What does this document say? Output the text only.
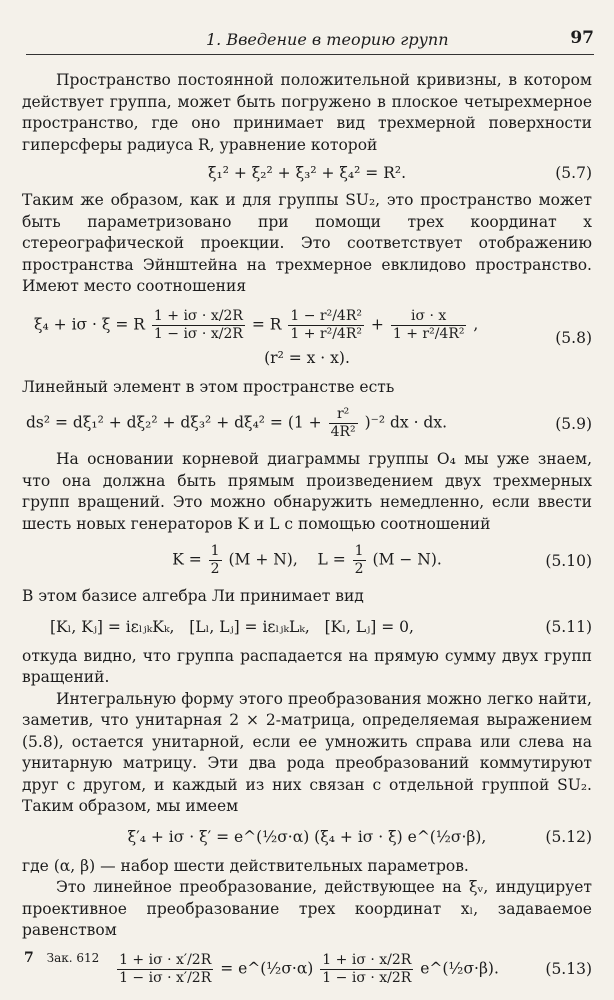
1. Введение в теорию групп	97

Пространство постоянной положительной кривизны, в котором действует группа, может быть погружено в плоское четырехмерное пространство, где оно принимает вид трехмерной поверхности гиперсферы радиуса R, уравнение которой

ξ₁² + ξ₂² + ξ₃² + ξ₄² = R².	(5.7)

Таким же образом, как и для группы SU₂, это пространство может быть параметризовано при помощи трех координат x стереографической проекции. Это соответствует отображению пространства Эйнштейна на трехмерное евклидово пространство. Имеют место соотношения

ξ₄ + iσ · ξ = R $\frac{1 + i\sigma \cdot x/2R}{1 - i\sigma \cdot x/2R} = R \frac{\text{1 − r²/4R²}}{\text{1 + r²/4R²}} + \frac{i\sigma \cdot x}{\text{1 + r²/4R²}}$ ,
(r² = x · x).
(5.8)

Линейный элемент в этом пространстве есть

$ds^2 = d\xi_1^2 + d\xi_2^2 + d\xi_3^2 + d\xi_4^2 = (1 + \frac{\text{r²}}{\text{4R²}} )^{-2}$ dx · dx.	(5.9)

На основании корневой диаграммы группы O₄ мы уже знаем, что она должна быть прямым произведением двух трехмерных групп вращений. Это можно обнаружить немедленно, если ввести шесть новых генераторов K и L с помощью соотношений

$K = \frac{1}{2} (M + N)$, $L = \frac{1}{2} (M - N)$.	(5.10)

В этом базисе алгебра Ли принимает вид

[Kₗ, Kⱼ] = iεₗⱼₖKₖ,   [Lₗ, Lⱼ] = iεₗⱼₖLₖ,   [Kₗ, Lⱼ] = 0,	(5.11)

откуда видно, что группа распадается на прямую сумму двух групп вращений.

Интегральную форму этого преобразования можно легко найти, заметив, что унитарная 2 × 2-матрица, определяемая выражением (5.8), остается унитарной, если ее умножить справа или слева на унитарную матрицу. Эти два рода преобразований коммутируют друг с другом, и каждый из них связан с отдельной группой SU₂. Таким образом, мы имеем

ξ′₄ + iσ · ξ′ = e^(½σ·α) (ξ₄ + iσ · ξ) e^(½σ·β),	(5.12)

где (α, β) — набор шести действительных параметров.

Это линейное преобразование, действующее на ξᵥ, индуцирует проективное преобразование трех координат xₗ, задаваемое равенством

$\frac{1 + i\sigma \cdot x'/2R}{1 - i\sigma \cdot x'/2R}$ = e^(½σ·α) $\frac{1 + i\sigma \cdot x/2R}{1 - i\sigma \cdot x/2R}$ e^(½σ·β).	(5.13)
7 Зак. 612
